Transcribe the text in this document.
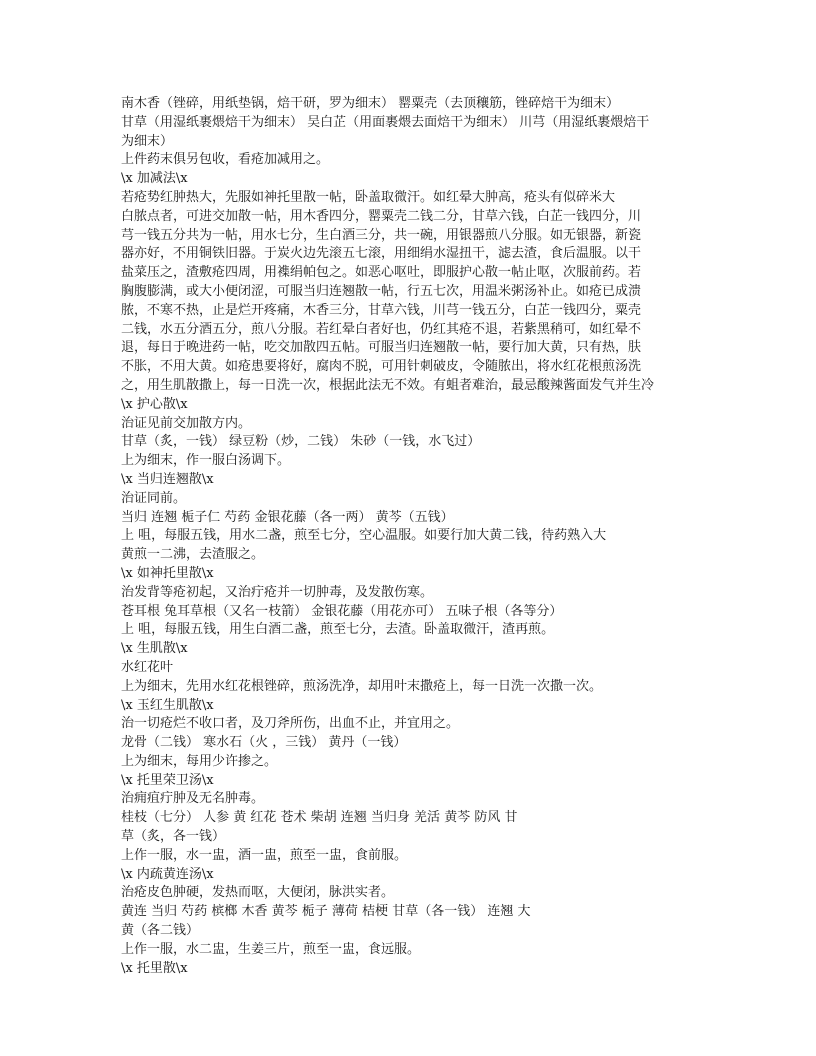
南木香（锉碎，用纸垫锅，焙干研，罗为细末） 罂粟壳（去顶穰筋，锉碎焙干为细末）
甘草（用湿纸裹煨焙干为细末） 吴白芷（用面裹煨去面焙干为细末） 川芎（用湿纸裹煨焙干
为细末）
上件药末俱另包收，看疮加减用之。
\x 加减法\x
若疮势红肿热大，先服如神托里散一帖，卧盖取微汗。如红晕大肿高，疮头有似碎米大
白脓点者，可进交加散一帖，用木香四分，罂粟壳二钱二分，甘草六钱，白芷一钱四分，川
芎一钱五分共为一帖，用水七分，生白酒三分，共一碗，用银器煎八分服。如无银器，新瓷
器亦好，不用铜铁旧器。于炭火边先滚五七滚，用细绢水湿扭干，滤去渣，食后温服。以干
盐菜压之，渣敷疮四周，用襍绢帕包之。如恶心呕吐，即服护心散一帖止呕，次服前药。若
胸腹膨满，或大小便闭涩，可服当归连翘散一帖，行五七次，用温米粥汤补止。如疮已成溃
脓，不寒不热，止是烂开疼痛，木香三分，甘草六钱，川芎一钱五分，白芷一钱四分，粟壳
二钱，水五分酒五分，煎八分服。若红晕白者好也，仍红其疮不退，若紫黑稍可，如红晕不
退，每日于晚进药一帖，吃交加散四五帖。可服当归连翘散一帖，要行加大黄，只有热，肤
不胀，不用大黄。如疮患要将好，腐肉不脱，可用针刺破皮，令随脓出，将水红花根煎汤洗
之，用生肌散撒上，每一日洗一次，根据此法无不效。有蛆者难治，最忌酸辣酱面发气并生冷
\x 护心散\x
治证见前交加散方内。
甘草（炙，一钱） 绿豆粉（炒，二钱） 朱砂（一钱，水飞过）
上为细末，作一服白汤调下。
\x 当归连翘散\x
治证同前。
当归 连翘 栀子仁 芍药 金银花藤（各一两） 黄芩（五钱）
上 咀，每服五钱，用水二盏，煎至七分，空心温服。如要行加大黄二钱，待药熟入大
黄煎一二沸，去渣服之。
\x 如神托里散\x
治发背等疮初起，又治疔疮并一切肿毒，及发散伤寒。
苍耳根 兔耳草根（又名一枝箭） 金银花藤（用花亦可） 五味子根（各等分）
上 咀，每服五钱，用生白酒二盏，煎至七分，去渣。卧盖取微汗，渣再煎。
\x 生肌散\x
水红花叶
上为细末，先用水红花根锉碎，煎汤洗净，却用叶末撒疮上，每一日洗一次撒一次。
\x 玉红生肌散\x
治一切疮烂不收口者，及刀斧所伤，出血不止，并宜用之。
龙骨（二钱） 寒水石（火 ，三钱） 黄丹（一钱）
上为细末，每用少许掺之。
\x 托里荣卫汤\x
治痈疽疔肿及无名肿毒。
桂枝（七分） 人参 黄 红花 苍术 柴胡 连翘 当归身 羌活 黄芩 防风 甘
草（炙，各一钱）
上作一服，水一盅，酒一盅，煎至一盅，食前服。
\x 内疏黄连汤\x
治疮皮色肿硬，发热而呕，大便闭，脉洪实者。
黄连 当归 芍药 槟榔 木香 黄芩 栀子 薄荷 桔梗 甘草（各一钱） 连翘 大
黄（各二钱）
上作一服，水二盅，生姜三片，煎至一盅，食远服。
\x 托里散\x
